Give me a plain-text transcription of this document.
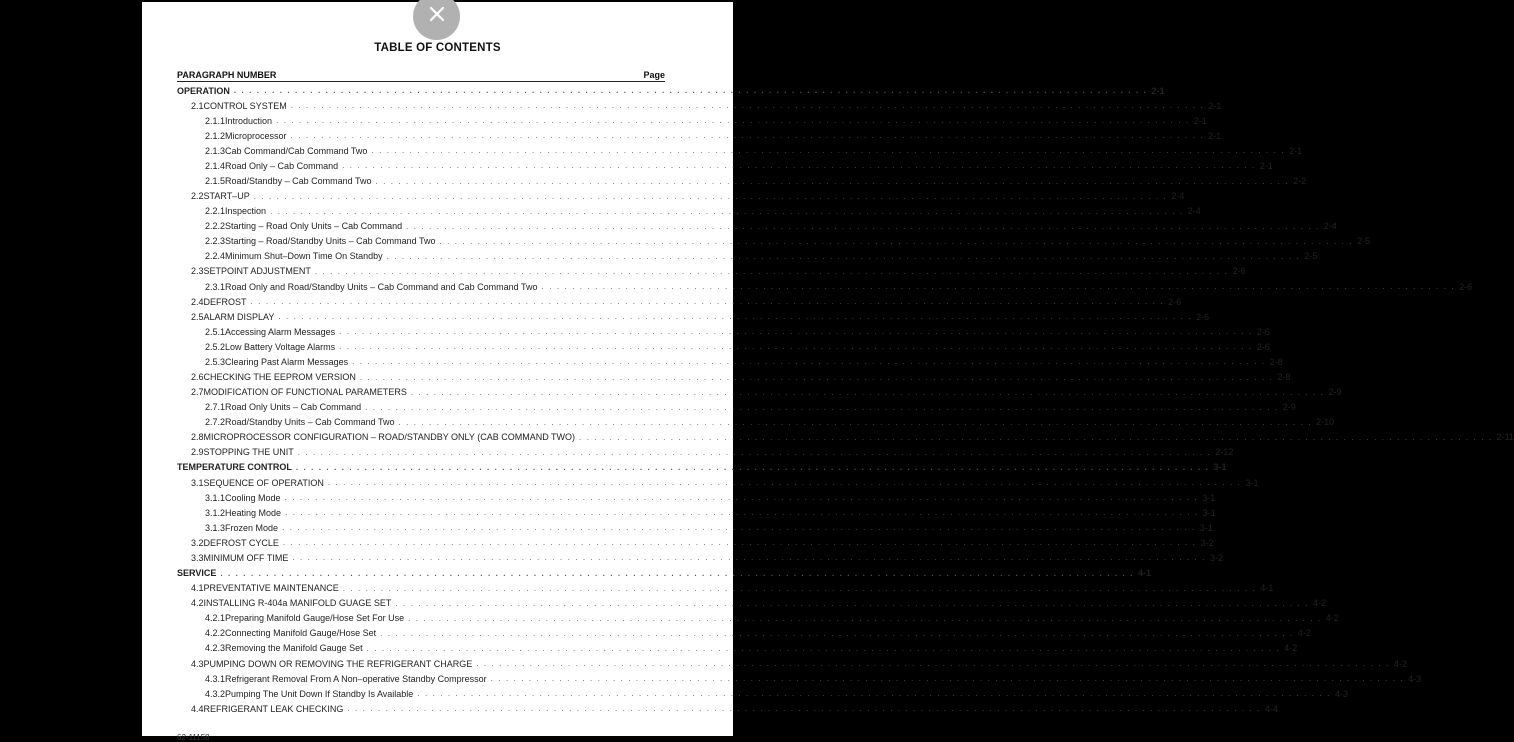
TABLE OF CONTENTS
PARAGRAPH NUMBER	Page
OPERATION . . . . . . . . . . . . . . . . . . . . . . . . . . . . . . . . . . . . . . . . . . . . . . . . . . . . . . . . . . . . . . . . . . . . . . . . . . . . . . . . . . . . . . . . . . . . . . . . . . . . . . . . . . . . . . . . . . . . . . . . 2-1
2.1 CONTROL SYSTEM . . . . . . . . . . . . . . . . . . . . . . . . . . . . . . . . . . . . . . . . . . . . . . . . . . . . . . . . . . . . . . . . . . . . . . . . . . . . . . . . . . . . . . . . . . . . . . . . . . . . . . . . . . . . . . . . . . . . . . . . 2-1
2.1.1 Introduction . . . . . . . . . . . . . . . . . . . . . . . . . . . . . . . . . . . . . . . . . . . . . . . . . . . . . . . . . . . . . . . . . . . . . . . . . . . . . . . . . . . . . . . . . . . . . . . . . . . . . . . . . . . . . . . . . . . . . . . . 2-1
2.1.2 Microprocessor . . . . . . . . . . . . . . . . . . . . . . . . . . . . . . . . . . . . . . . . . . . . . . . . . . . . . . . . . . . . . . . . . . . . . . . . . . . . . . . . . . . . . . . . . . . . . . . . . . . . . . . . . . . . . . . . . . . . . . . . 2-1
2.1.3 Cab Command/Cab Command Two . . . . . . . . . . . . . . . . . . . . . . . . . . . . . . . . . . . . . . . . . . . . . . . . . . . . . . . . . . . . . . . . . . . . . . . . . . . . . . . . . . . . . . . . . . . . . . . . . . . . . . . . . . . . . . . . . . . . . . . . 2-1
2.1.4 Road Only – Cab Command . . . . . . . . . . . . . . . . . . . . . . . . . . . . . . . . . . . . . . . . . . . . . . . . . . . . . . . . . . . . . . . . . . . . . . . . . . . . . . . . . . . . . . . . . . . . . . . . . . . . . . . . . . . . . . . . . . . . . . . . 2-1
2.1.5 Road/Standby – Cab Command Two . . . . . . . . . . . . . . . . . . . . . . . . . . . . . . . . . . . . . . . . . . . . . . . . . . . . . . . . . . . . . . . . . . . . . . . . . . . . . . . . . . . . . . . . . . . . . . . . . . . . . . . . . . . . . . . . . . . . . . . . 2-2
2.2 START–UP . . . . . . . . . . . . . . . . . . . . . . . . . . . . . . . . . . . . . . . . . . . . . . . . . . . . . . . . . . . . . . . . . . . . . . . . . . . . . . . . . . . . . . . . . . . . . . . . . . . . . . . . . . . . . . . . . . . . . . . . 2-4
2.2.1 Inspection . . . . . . . . . . . . . . . . . . . . . . . . . . . . . . . . . . . . . . . . . . . . . . . . . . . . . . . . . . . . . . . . . . . . . . . . . . . . . . . . . . . . . . . . . . . . . . . . . . . . . . . . . . . . . . . . . . . . . . . . 2-4
2.2.2 Starting – Road Only Units – Cab Command . . . . . . . . . . . . . . . . . . . . . . . . . . . . . . . . . . . . . . . . . . . . . . . . . . . . . . . . . . . . . . . . . . . . . . . . . . . . . . . . . . . . . . . . . . . . . . . . . . . . . . . . . . . . . . . . . . . . . . . . 2-4
2.2.3 Starting – Road/Standby Units – Cab Command Two . . . . . . . . . . . . . . . . . . . . . . . . . . . . . . . . . . . . . . . . . . . . . . . . . . . . . . . . . . . . . . . . . . . . . . . . . . . . . . . . . . . . . . . . . . . . . . . . . . . . . . . . . . . . . . . . . . . . . . . . 2-5
2.2.4 Minimum Shut–Down Time On Standby . . . . . . . . . . . . . . . . . . . . . . . . . . . . . . . . . . . . . . . . . . . . . . . . . . . . . . . . . . . . . . . . . . . . . . . . . . . . . . . . . . . . . . . . . . . . . . . . . . . . . . . . . . . . . . . . . . . . . . . . 2-5
2.3 SETPOINT ADJUSTMENT . . . . . . . . . . . . . . . . . . . . . . . . . . . . . . . . . . . . . . . . . . . . . . . . . . . . . . . . . . . . . . . . . . . . . . . . . . . . . . . . . . . . . . . . . . . . . . . . . . . . . . . . . . . . . . . . . . . . . . . . 2-6
2.3.1 Road Only and Road/Standby Units – Cab Command and Cab Command Two . . . . . . . . . . . . . . . . . . . . . . . . . . . . . . . . . . . . . . . . . . . . . . . . . . . . . . . . . . . . . . . . . . . . . . . . . . . . . . . . . . . . . . . . . . . . . . . . . . . . . . . . . . . . . . . . . . . . . . . . 2-6
2.4 DEFROST . . . . . . . . . . . . . . . . . . . . . . . . . . . . . . . . . . . . . . . . . . . . . . . . . . . . . . . . . . . . . . . . . . . . . . . . . . . . . . . . . . . . . . . . . . . . . . . . . . . . . . . . . . . . . . . . . . . . . . . . 2-6
2.5 ALARM DISPLAY . . . . . . . . . . . . . . . . . . . . . . . . . . . . . . . . . . . . . . . . . . . . . . . . . . . . . . . . . . . . . . . . . . . . . . . . . . . . . . . . . . . . . . . . . . . . . . . . . . . . . . . . . . . . . . . . . . . . . . . . 2-6
2.5.1 Accessing Alarm Messages . . . . . . . . . . . . . . . . . . . . . . . . . . . . . . . . . . . . . . . . . . . . . . . . . . . . . . . . . . . . . . . . . . . . . . . . . . . . . . . . . . . . . . . . . . . . . . . . . . . . . . . . . . . . . . . . . . . . . . . . 2-6
2.5.2 Low Battery Voltage Alarms . . . . . . . . . . . . . . . . . . . . . . . . . . . . . . . . . . . . . . . . . . . . . . . . . . . . . . . . . . . . . . . . . . . . . . . . . . . . . . . . . . . . . . . . . . . . . . . . . . . . . . . . . . . . . . . . . . . . . . . . 2-6
2.5.3 Clearing Past Alarm Messages . . . . . . . . . . . . . . . . . . . . . . . . . . . . . . . . . . . . . . . . . . . . . . . . . . . . . . . . . . . . . . . . . . . . . . . . . . . . . . . . . . . . . . . . . . . . . . . . . . . . . . . . . . . . . . . . . . . . . . . . 2-8
2.6 CHECKING THE EEPROM VERSION . . . . . . . . . . . . . . . . . . . . . . . . . . . . . . . . . . . . . . . . . . . . . . . . . . . . . . . . . . . . . . . . . . . . . . . . . . . . . . . . . . . . . . . . . . . . . . . . . . . . . . . . . . . . . . . . . . . . . . . . 2-8
2.7 MODIFICATION OF FUNCTIONAL PARAMETERS . . . . . . . . . . . . . . . . . . . . . . . . . . . . . . . . . . . . . . . . . . . . . . . . . . . . . . . . . . . . . . . . . . . . . . . . . . . . . . . . . . . . . . . . . . . . . . . . . . . . . . . . . . . . . . . . . . . . . . . . 2-9
2.7.1 Road Only Units – Cab Command . . . . . . . . . . . . . . . . . . . . . . . . . . . . . . . . . . . . . . . . . . . . . . . . . . . . . . . . . . . . . . . . . . . . . . . . . . . . . . . . . . . . . . . . . . . . . . . . . . . . . . . . . . . . . . . . . . . . . . . . 2-9
2.7.2 Road/Standby Units – Cab Command Two . . . . . . . . . . . . . . . . . . . . . . . . . . . . . . . . . . . . . . . . . . . . . . . . . . . . . . . . . . . . . . . . . . . . . . . . . . . . . . . . . . . . . . . . . . . . . . . . . . . . . . . . . . . . . . . . . . . . . . . . 2-10
2.8 MICROPROCESSOR CONFIGURATION – ROAD/STANDBY ONLY (CAB COMMAND TWO) . . . . . . . . . . . . . . . . . . . . . . . . . . . . . . . . . . . . . . . . . . . . . . . . . . . . . . . . . . . . . . . . . . . . . . . . . . . . . . . . . . . . . . . . . . . . . . . . . . . . . . . . . . . . . . . . . . . . . . . . 2-11
2.9 STOPPING THE UNIT . . . . . . . . . . . . . . . . . . . . . . . . . . . . . . . . . . . . . . . . . . . . . . . . . . . . . . . . . . . . . . . . . . . . . . . . . . . . . . . . . . . . . . . . . . . . . . . . . . . . . . . . . . . . . . . . . . . . . . . . 2-12
TEMPERATURE CONTROL . . . . . . . . . . . . . . . . . . . . . . . . . . . . . . . . . . . . . . . . . . . . . . . . . . . . . . . . . . . . . . . . . . . . . . . . . . . . . . . . . . . . . . . . . . . . . . . . . . . . . . . . . . . . . . . . . . . . . . . . 3-1
3.1 SEQUENCE OF OPERATION . . . . . . . . . . . . . . . . . . . . . . . . . . . . . . . . . . . . . . . . . . . . . . . . . . . . . . . . . . . . . . . . . . . . . . . . . . . . . . . . . . . . . . . . . . . . . . . . . . . . . . . . . . . . . . . . . . . . . . . . 3-1
3.1.1 Cooling Mode . . . . . . . . . . . . . . . . . . . . . . . . . . . . . . . . . . . . . . . . . . . . . . . . . . . . . . . . . . . . . . . . . . . . . . . . . . . . . . . . . . . . . . . . . . . . . . . . . . . . . . . . . . . . . . . . . . . . . . . . 3-1
3.1.2 Heating Mode . . . . . . . . . . . . . . . . . . . . . . . . . . . . . . . . . . . . . . . . . . . . . . . . . . . . . . . . . . . . . . . . . . . . . . . . . . . . . . . . . . . . . . . . . . . . . . . . . . . . . . . . . . . . . . . . . . . . . . . . 3-1
3.1.3 Frozen Mode . . . . . . . . . . . . . . . . . . . . . . . . . . . . . . . . . . . . . . . . . . . . . . . . . . . . . . . . . . . . . . . . . . . . . . . . . . . . . . . . . . . . . . . . . . . . . . . . . . . . . . . . . . . . . . . . . . . . . . . . 3-1
3.2 DEFROST CYCLE . . . . . . . . . . . . . . . . . . . . . . . . . . . . . . . . . . . . . . . . . . . . . . . . . . . . . . . . . . . . . . . . . . . . . . . . . . . . . . . . . . . . . . . . . . . . . . . . . . . . . . . . . . . . . . . . . . . . . . . . 3-2
3.3 MINIMUM OFF TIME . . . . . . . . . . . . . . . . . . . . . . . . . . . . . . . . . . . . . . . . . . . . . . . . . . . . . . . . . . . . . . . . . . . . . . . . . . . . . . . . . . . . . . . . . . . . . . . . . . . . . . . . . . . . . . . . . . . . . . . . 3-2
SERVICE . . . . . . . . . . . . . . . . . . . . . . . . . . . . . . . . . . . . . . . . . . . . . . . . . . . . . . . . . . . . . . . . . . . . . . . . . . . . . . . . . . . . . . . . . . . . . . . . . . . . . . . . . . . . . . . . . . . . . . . . 4-1
4.1 PREVENTATIVE MAINTENANCE . . . . . . . . . . . . . . . . . . . . . . . . . . . . . . . . . . . . . . . . . . . . . . . . . . . . . . . . . . . . . . . . . . . . . . . . . . . . . . . . . . . . . . . . . . . . . . . . . . . . . . . . . . . . . . . . . . . . . . . . 4-1
4.2 INSTALLING R-404a MANIFOLD GUAGE SET . . . . . . . . . . . . . . . . . . . . . . . . . . . . . . . . . . . . . . . . . . . . . . . . . . . . . . . . . . . . . . . . . . . . . . . . . . . . . . . . . . . . . . . . . . . . . . . . . . . . . . . . . . . . . . . . . . . . . . . . 4-2
4.2.1 Preparing Manifold Gauge/Hose Set For Use . . . . . . . . . . . . . . . . . . . . . . . . . . . . . . . . . . . . . . . . . . . . . . . . . . . . . . . . . . . . . . . . . . . . . . . . . . . . . . . . . . . . . . . . . . . . . . . . . . . . . . . . . . . . . . . . . . . . . . . . 4-2
4.2.2 Connecting Manifold Gauge/Hose Set . . . . . . . . . . . . . . . . . . . . . . . . . . . . . . . . . . . . . . . . . . . . . . . . . . . . . . . . . . . . . . . . . . . . . . . . . . . . . . . . . . . . . . . . . . . . . . . . . . . . . . . . . . . . . . . . . . . . . . . . 4-2
4.2.3 Removing the Manifold Gauge Set . . . . . . . . . . . . . . . . . . . . . . . . . . . . . . . . . . . . . . . . . . . . . . . . . . . . . . . . . . . . . . . . . . . . . . . . . . . . . . . . . . . . . . . . . . . . . . . . . . . . . . . . . . . . . . . . . . . . . . . . 4-2
4.3 PUMPING DOWN OR REMOVING THE REFRIGERANT CHARGE . . . . . . . . . . . . . . . . . . . . . . . . . . . . . . . . . . . . . . . . . . . . . . . . . . . . . . . . . . . . . . . . . . . . . . . . . . . . . . . . . . . . . . . . . . . . . . . . . . . . . . . . . . . . . . . . . . . . . . . . 4-2
4.3.1 Refrigerant Removal From A Non–operative Standby Compressor . . . . . . . . . . . . . . . . . . . . . . . . . . . . . . . . . . . . . . . . . . . . . . . . . . . . . . . . . . . . . . . . . . . . . . . . . . . . . . . . . . . . . . . . . . . . . . . . . . . . . . . . . . . . . . . . . . . . . . . . 4-3
4.3.2 Pumping The Unit Down If Standby Is Available . . . . . . . . . . . . . . . . . . . . . . . . . . . . . . . . . . . . . . . . . . . . . . . . . . . . . . . . . . . . . . . . . . . . . . . . . . . . . . . . . . . . . . . . . . . . . . . . . . . . . . . . . . . . . . . . . . . . . . . . 4-3
4.4 REFRIGERANT LEAK CHECKING . . . . . . . . . . . . . . . . . . . . . . . . . . . . . . . . . . . . . . . . . . . . . . . . . . . . . . . . . . . . . . . . . . . . . . . . . . . . . . . . . . . . . . . . . . . . . . . . . . . . . . . . . . . . . . . . . . . . . . . . 4-4
62-11158
